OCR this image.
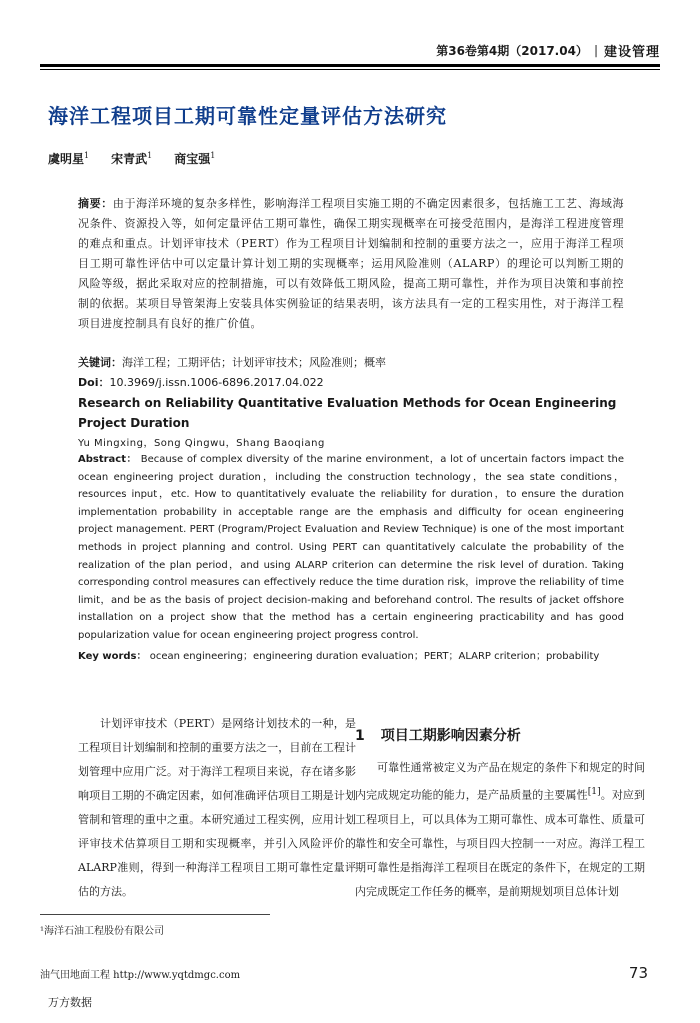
第36卷第4期（2017.04） | 建设管理
海洋工程项目工期可靠性定量评估方法研究
虞明星$^1$ 宋青武$^1$ 商宝强$^1$
摘要：由于海洋环境的复杂多样性，影响海洋工程项目实施工期的不确定因素很多，包括施工工艺、海域海况条件、资源投入等，如何定量评估工期可靠性，确保工期实现概率在可接受范围内，是海洋工程进度管理的难点和重点。计划评审技术（PERT）作为工程项目计划编制和控制的重要方法之一，应用于海洋工程项目工期可靠性评估中可以定量计算计划工期的实现概率；运用风险准则（ALARP）的理论可以判断工期的风险等级，据此采取对应的控制措施，可以有效降低工期风险，提高工期可靠性，并作为项目决策和事前控制的依据。某项目导管架海上安装具体实例验证的结果表明，该方法具有一定的工程实用性，对于海洋工程项目进度控制具有良好的推广价值。
关键词：海洋工程；工期评估；计划评审技术；风险准则；概率
Doi：10.3969/j.issn.1006-6896.2017.04.022
Research on Reliability Quantitative Evaluation Methods for Ocean Engineering Project Duration
Yu Mingxing，Song Qingwu，Shang Baoqiang
Abstract： Because of complex diversity of the marine environment，a lot of uncertain factors impact the ocean engineering project duration，including the construction technology，the sea state conditions，resources input，etc. How to quantitatively evaluate the reliability for duration，to ensure the duration implementation probability in acceptable range are the emphasis and difficulty for ocean engineering project management. PERT (Program/Project Evaluation and Review Technique) is one of the most important methods in project planning and control. Using PERT can quantitatively calculate the probability of the realization of the plan period，and using ALARP criterion can determine the risk level of duration. Taking corresponding control measures can effectively reduce the time duration risk，improve the reliability of time limit，and be as the basis of project decision-making and beforehand control. The results of jacket offshore installation on a project show that the method has a certain engineering practicability and has good popularization value for ocean engineering project progress control.
Key words： ocean engineering；engineering duration evaluation；PERT；ALARP criterion；probability

计划评审技术（PERT）是网络计划技术的一种，是工程项目计划编制和控制的重要方法之一，目前在工程计划管理中应用广泛。对于海洋工程项目来说，存在诸多影响项目工期的不确定因素，如何准确评估项目工期是计划管制和管理的重中之重。本研究通过工程实例，应用计划评审技术估算项目工期和实现概率，并引入风险评价的ALARP准则，得到一种海洋工程项目工期可靠性定量评估的方法。

1 项目工期影响因素分析

可靠性通常被定义为产品在规定的条件下和规定的时间内完成规定功能的能力，是产品质量的主要属性[1]。对应到工程项目上，可以具体为工期可靠性、成本可靠性、质量可靠性和安全可靠性，与项目四大控制一一对应。海洋工程工期可靠性是指海洋工程项目在既定的条件下，在规定的工期内完成既定工作任务的概率，是前期规划项目总体计划

¹海洋石油工程股份有限公司
油气田地面工程 http://www.yqtdmgc.com	73
万方数据
